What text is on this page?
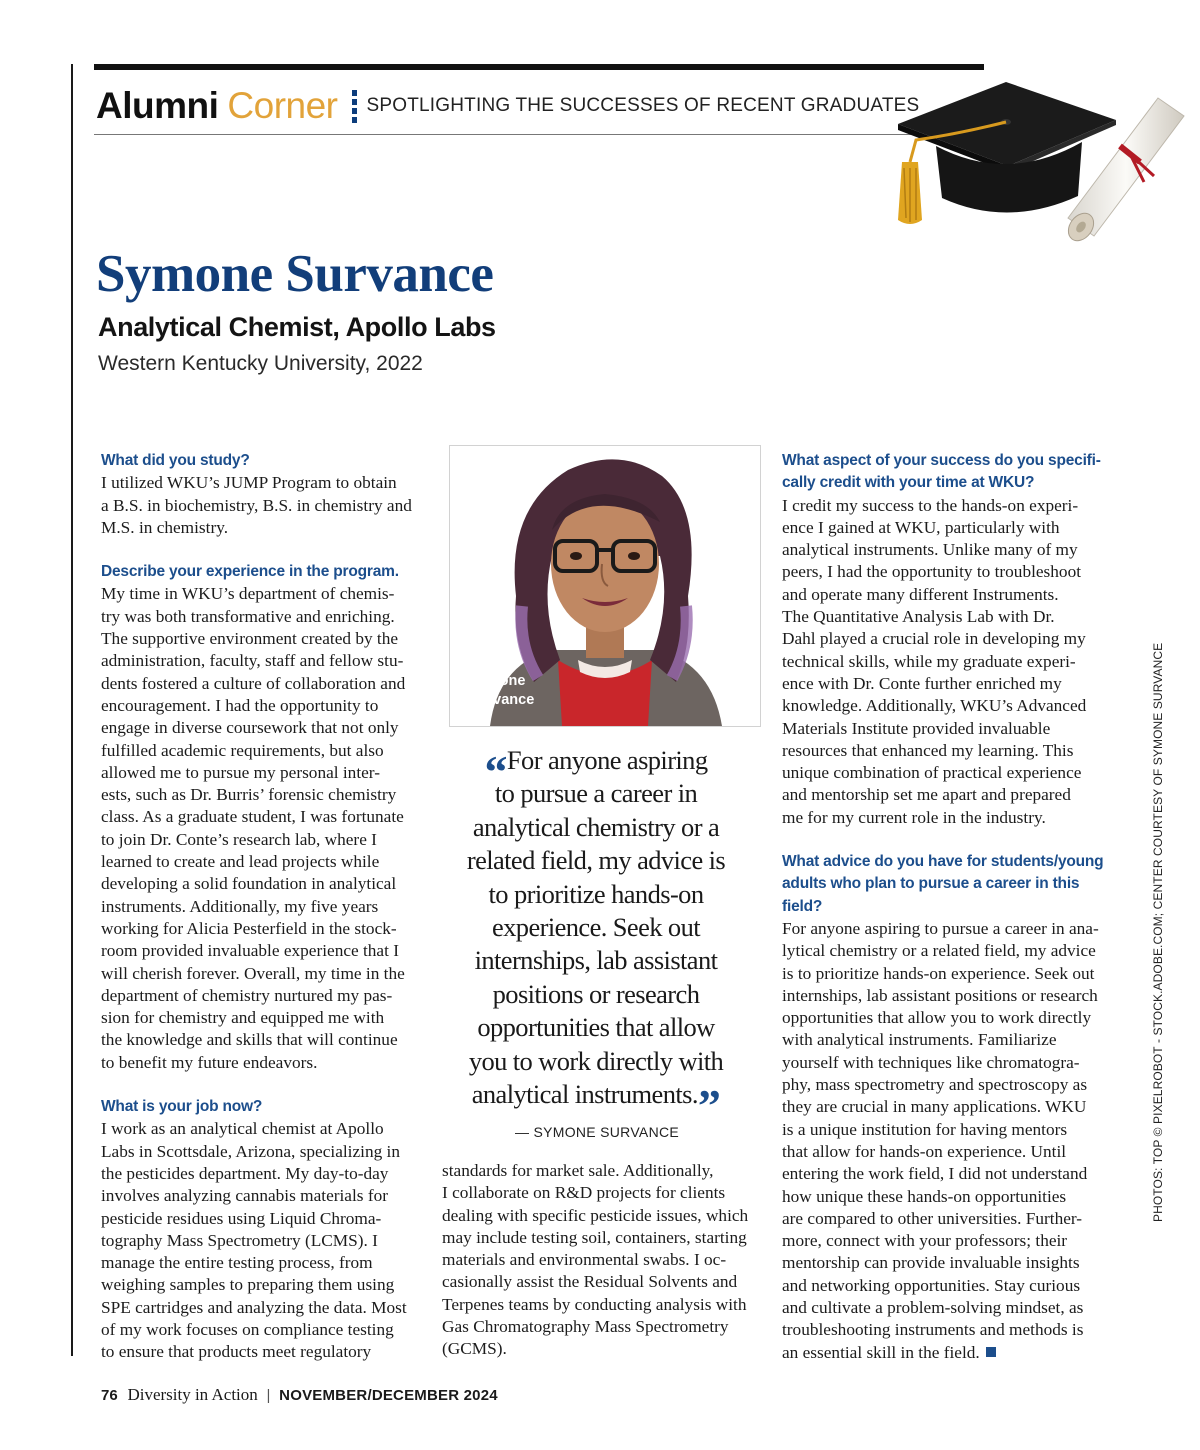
Alumni Corner SPOTLIGHTING THE SUCCESSES OF RECENT GRADUATES
Symone Survance
Analytical Chemist, Apollo Labs
Western Kentucky University, 2022

What did you study?

I utilized WKU’s JUMP Program to obtain
a B.S. in biochemistry, B.S. in chemistry and
M.S. in chemistry.

Describe your experience in the program.

My time in WKU’s department of chemis-
try was both transformative and enriching.
The supportive environment created by the
administration, faculty, staff and fellow stu-
dents fostered a culture of collaboration and
encouragement. I had the opportunity to
engage in diverse coursework that not only
fulfilled academic requirements, but also
allowed me to pursue my personal inter-
ests, such as Dr. Burris’ forensic chemistry
class. As a graduate student, I was fortunate
to join Dr. Conte’s research lab, where I
learned to create and lead projects while
developing a solid foundation in analytical
instruments. Additionally, my five years
working for Alicia Pesterfield in the stock-
room provided invaluable experience that I
will cherish forever. Overall, my time in the
department of chemistry nurtured my pas-
sion for chemistry and equipped me with
the knowledge and skills that will continue
to benefit my future endeavors.

What is your job now?

I work as an analytical chemist at Apollo
Labs in Scottsdale, Arizona, specializing in
the pesticides department. My day-to-day
involves analyzing cannabis materials for
pesticide residues using Liquid Chroma-
tography Mass Spectrometry (LCMS). I
manage the entire testing process, from
weighing samples to preparing them using
SPE cartridges and analyzing the data. Most
of my work focuses on compliance testing
to ensure that products meet regulatory

Symone
Survance
“For anyone aspiring
to pursue a career in
analytical chemistry or a
related field, my advice is
to prioritize hands-on
experience. Seek out
internships, lab assistant
positions or research
opportunities that allow
you to work directly with
analytical instruments.”
— SYMONE SURVANCE

standards for market sale. Additionally,
I collaborate on R&D projects for clients
dealing with specific pesticide issues, which
may include testing soil, containers, starting
materials and environmental swabs. I oc-
casionally assist the Residual Solvents and
Terpenes teams by conducting analysis with
Gas Chromatography Mass Spectrometry
(GCMS).

What aspect of your success do you specifi-
cally credit with your time at WKU?

I credit my success to the hands-on experi-
ence I gained at WKU, particularly with
analytical instruments. Unlike many of my
peers, I had the opportunity to troubleshoot
and operate many different Instruments.
The Quantitative Analysis Lab with Dr.
Dahl played a crucial role in developing my
technical skills, while my graduate experi-
ence with Dr. Conte further enriched my
knowledge. Additionally, WKU’s Advanced
Materials Institute provided invaluable
resources that enhanced my learning. This
unique combination of practical experience
and mentorship set me apart and prepared
me for my current role in the industry.

What advice do you have for students/young
adults who plan to pursue a career in this
field?

For anyone aspiring to pursue a career in ana-
lytical chemistry or a related field, my advice
is to prioritize hands-on experience. Seek out
internships, lab assistant positions or research
opportunities that allow you to work directly
with analytical instruments. Familiarize
yourself with techniques like chromatogra-
phy, mass spectrometry and spectroscopy as
they are crucial in many applications. WKU
is a unique institution for having mentors
that allow for hands-on experience. Until
entering the work field, I did not understand
how unique these hands-on opportunities
are compared to other universities. Further-
more, connect with your professors; their
mentorship can provide invaluable insights
and networking opportunities. Stay curious
and cultivate a problem-solving mindset, as
troubleshooting instruments and methods is
an essential skill in the field.

PHOTOS: TOP © PIXELROBOT - STOCK.ADOBE.COM; CENTER COURTESY OF SYMONE SURVANCE
76 Diversity in Action | NOVEMBER/DECEMBER 2024
